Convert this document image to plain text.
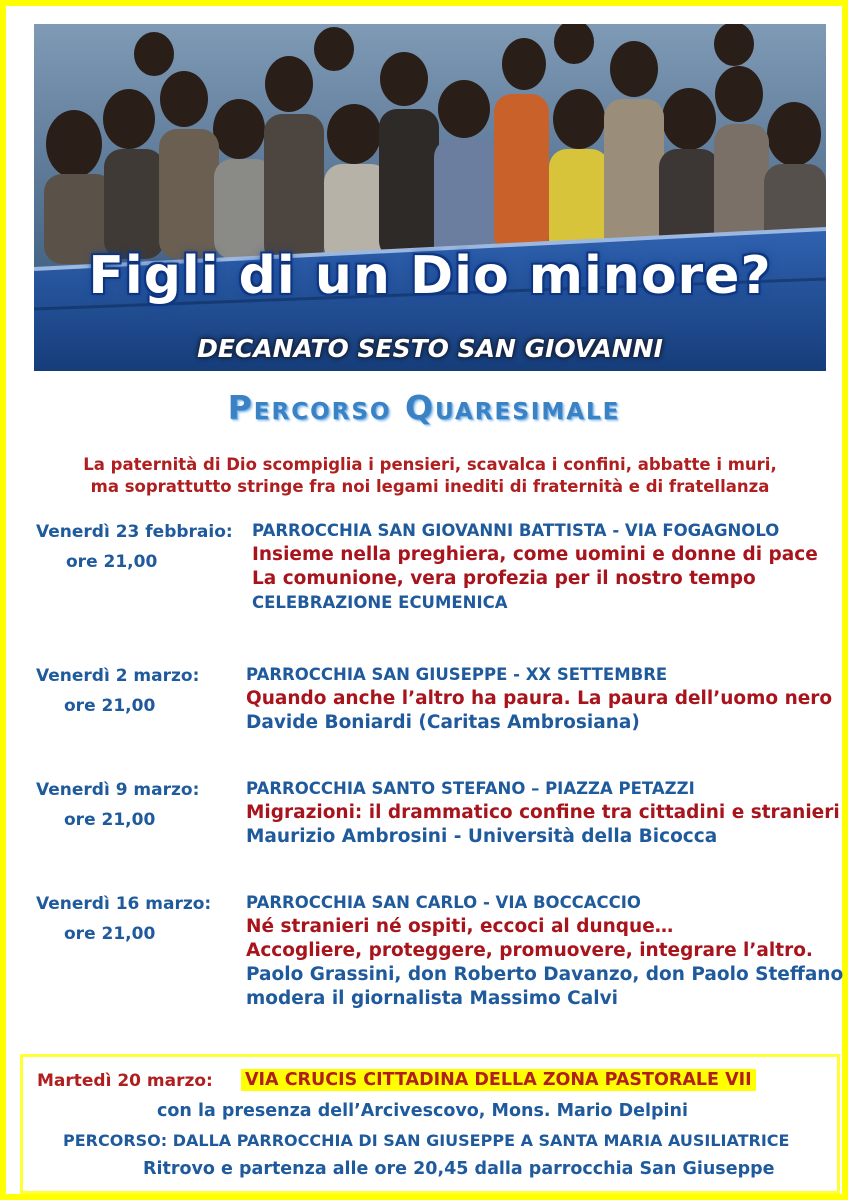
Figli di un Dio minore?
DECANATO SESTO SAN GIOVANNI
Percorso Quaresimale
La paternità di Dio scompiglia i pensieri, scavalca i confini, abbatte i muri,
ma soprattutto stringe fra noi legami inediti di fraternità e di fratellanza
Venerdì 23 febbraio:
ore 21,00
PARROCCHIA SAN GIOVANNI BATTISTA - VIA FOGAGNOLO
Insieme nella preghiera, come uomini e donne di pace
La comunione, vera profezia per il nostro tempo
CELEBRAZIONE ECUMENICA
Venerdì 2 marzo:
ore 21,00
PARROCCHIA SAN GIUSEPPE - XX SETTEMBRE
Quando anche l’altro ha paura. La paura dell’uomo nero
Davide Boniardi (Caritas Ambrosiana)
Venerdì 9 marzo:
ore 21,00
PARROCCHIA SANTO STEFANO – PIAZZA PETAZZI
Migrazioni: il drammatico confine tra cittadini e stranieri
Maurizio Ambrosini - Università della Bicocca
Venerdì 16 marzo:
ore 21,00
PARROCCHIA SAN CARLO - VIA BOCCACCIO
Né stranieri né ospiti, eccoci al dunque…
Accogliere, proteggere, promuovere, integrare l’altro.
Paolo Grassini, don Roberto Davanzo, don Paolo Steffano
modera il giornalista Massimo Calvi
Martedì 20 marzo: VIA CRUCIS CITTADINA DELLA ZONA PASTORALE VII
con la presenza dell’Arcivescovo, Mons. Mario Delpini
PERCORSO: DALLA PARROCCHIA DI SAN GIUSEPPE A SANTA MARIA AUSILIATRICE
Ritrovo e partenza alle ore 20,45 dalla parrocchia San Giuseppe
